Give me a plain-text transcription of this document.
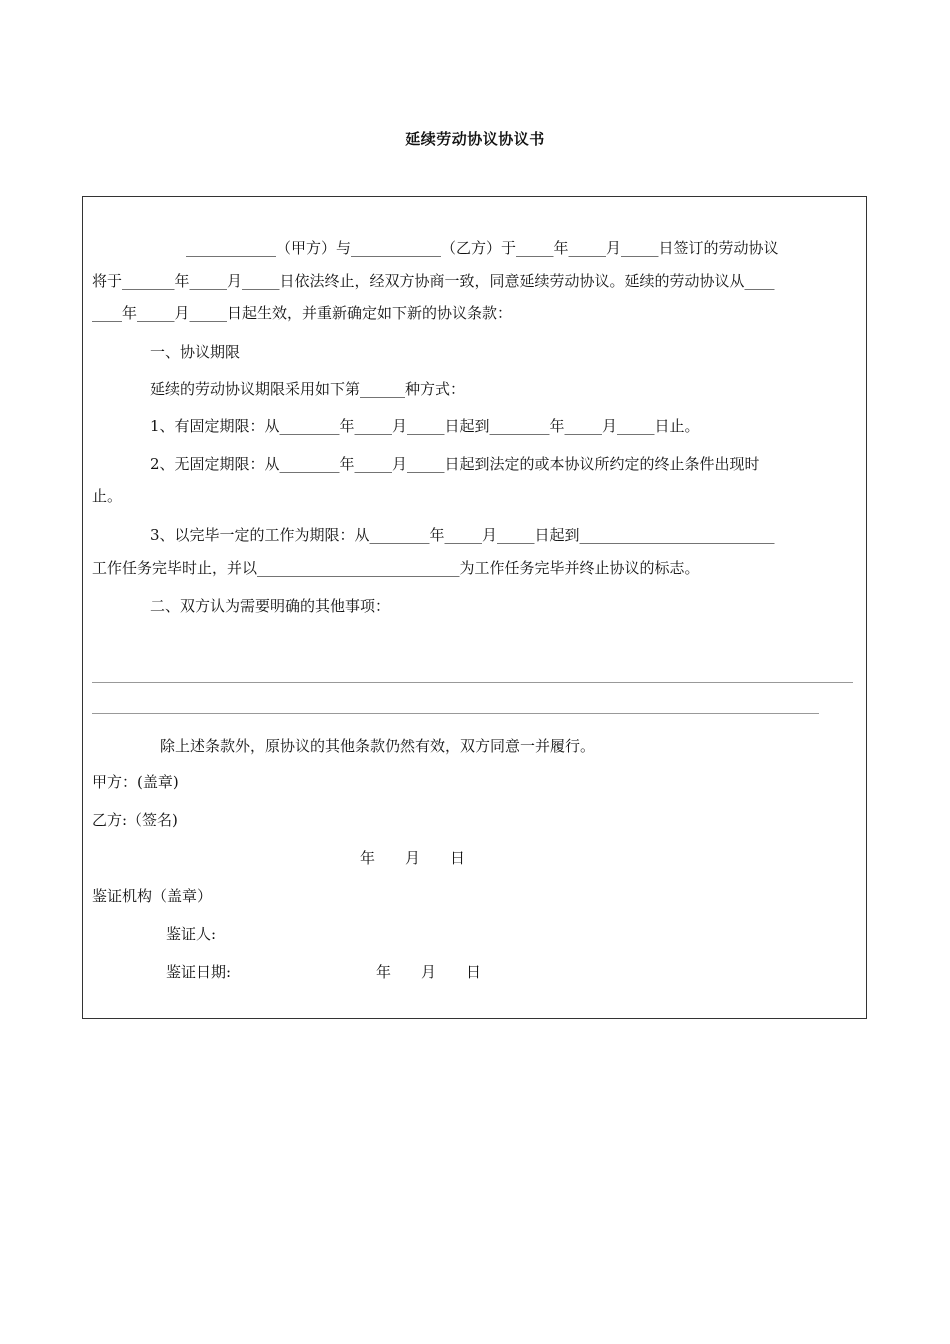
延续劳动协议协议书
____________（甲方）与____________（乙方）于_____年_____月_____日签订的劳动协议
将于_______年_____月_____日依法终止，经双方协商一致，同意延续劳动协议。延续的劳动协议从____
____年_____月_____日起生效，并重新确定如下新的协议条款：
一、协议期限
延续的劳动协议期限采用如下第______种方式：
1、有固定期限：从________年_____月_____日起到________年_____月_____日止。
2、无固定期限：从________年_____月_____日起到法定的或本协议所约定的终止条件出现时
止。
3、以完毕一定的工作为期限：从________年_____月_____日起到__________________________
工作任务完毕时止，并以___________________________为工作任务完毕并终止协议的标志。
二、双方认为需要明确的其他事项：
除上述条款外，原协议的其他条款仍然有效，双方同意一并履行。
甲方：(盖章)
乙方:（签名)
年　　月　　日
鉴证机构（盖章）
鉴证人:
鉴证日期:	年　　月　　日
